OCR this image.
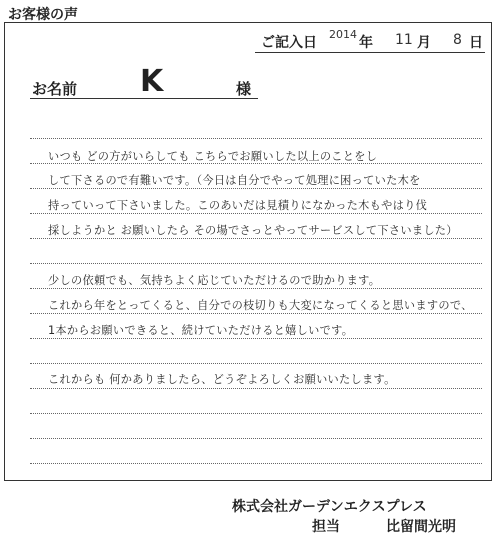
お客様の声
ご記入日
2014
年 11 月 8 日
お名前 K	様
いつも どの方がいらしても こちらでお願いした以上のことをし
して下さるので有難いです。（今日は自分でやって処理に困っていた木を
持っていって下さいました。このあいだは見積りになかった木もやはり伐
採しようかと お願いしたら その場でさっとやってサービスして下さいました）
少しの依頼でも、気持ちよく応じていただけるので助かります。
これから年をとってくると、自分での枝切りも大変になってくると思いますので、
1本からお願いできると、続けていただけると嬉しいです。
これからも 何かありましたら、どうぞよろしくお願いいたします。
株式会社ガーデンエクスプレス
担当	比留間光明
